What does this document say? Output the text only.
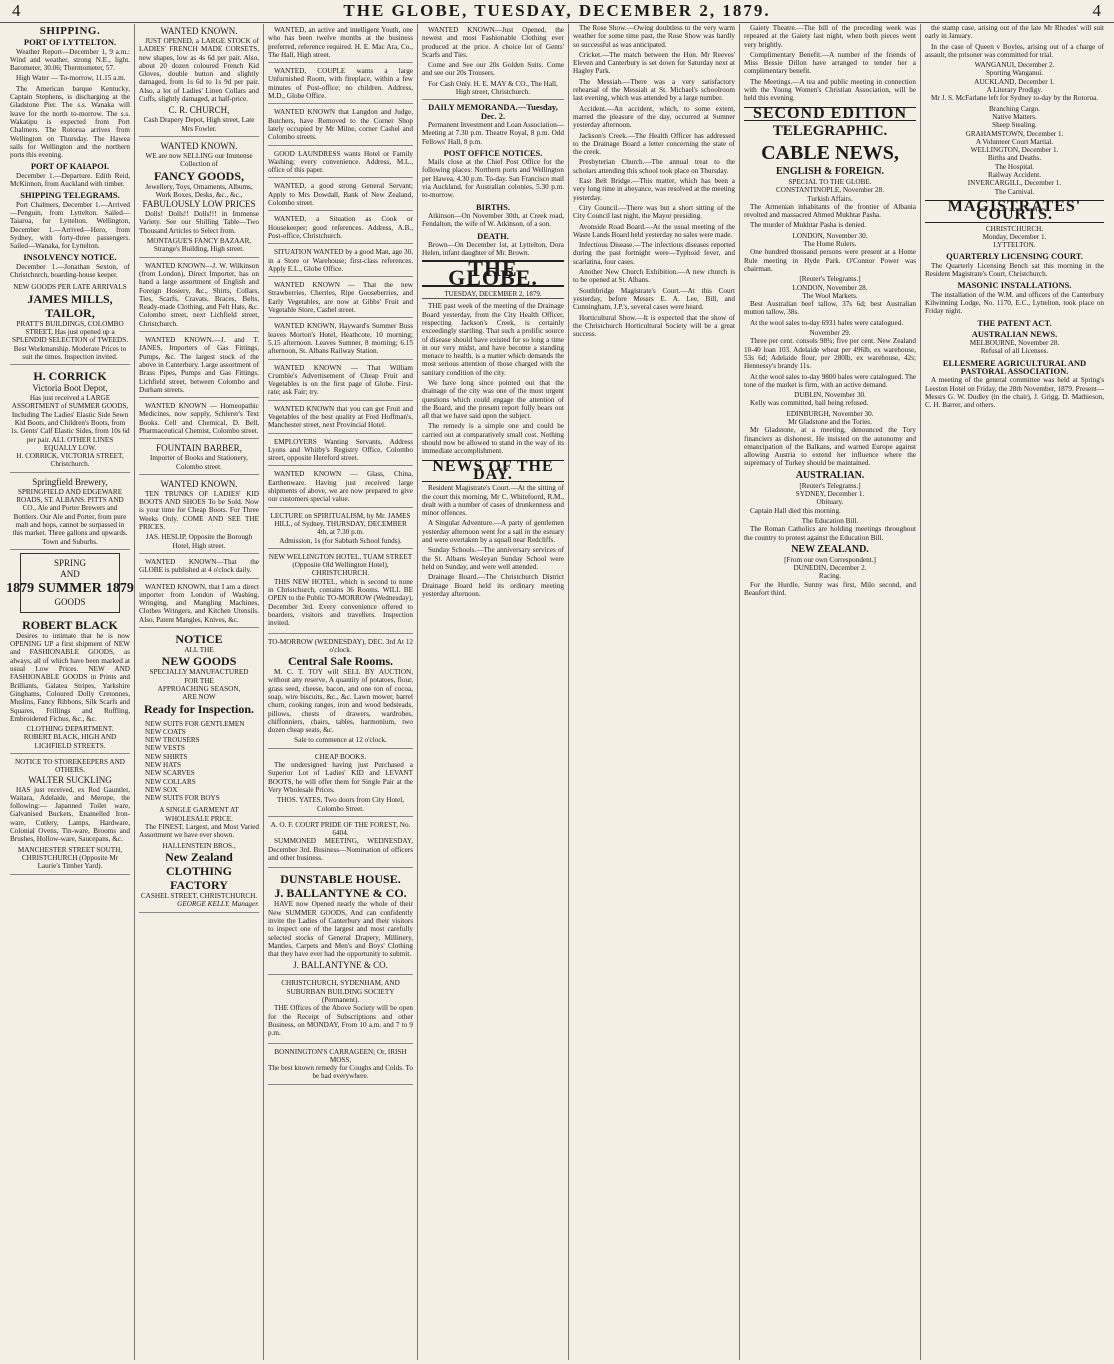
4	THE GLOBE, TUESDAY, DECEMBER 2, 1879.	4
SHIPPING.
PORT OF LYTTELTON.

Weather Report—December 1, 9 a.m.: Wind and weather, strong N.E., light. Barometer, 30.06; Thermometer, 57.

High Water — To-morrow, 11.15 a.m.

The American barque Kentucky, Captain Stephens, is discharging at the Gladstone Pier. The s.s. Wanaka will leave for the north to-morrow. The s.s. Wakatipu is expected from Port Chalmers. The Rotorua arrives from Wellington on Thursday. The Hawea sails for Wellington and the northern ports this evening.

PORT OF KAIAPOI.

December 1.—Departure. Edith Reid, McKinnon, from Auckland with timber.

SHIPPING TELEGRAMS.

Port Chalmers, December 1.—Arrived—Penguin, from Lyttelton. Sailed—Taiaroa, for Lyttelton. Wellington, December 1.—Arrived—Hero, from Sydney, with forty-three passengers. Sailed—Wanaka, for Lyttelton.

INSOLVENCY NOTICE.

December 1.—Jonathan Sexton, of Christchurch, boarding-house keeper.

NEW GOODS PER LATE ARRIVALS
JAMES MILLS,
TAILOR,
PRATT'S BUILDINGS, COLOMBO STREET, Has just opened up a SPLENDID SELECTION of TWEEDS. Best Workmanship. Moderate Prices to suit the times. Inspection invited.
H. CORRICK
Victoria Boot Depot,
Has just received a LARGE ASSORTMENT of SUMMER GOODS, Including The Ladies' Elastic Side Sewn Kid Boots, and Children's Boots, from 1s. Gents' Calf Elastic Sides, from 10s 6d per pair. ALL OTHER LINES EQUALLY LOW.
H. CORRICK, VICTORIA STREET, Christchurch.
Springfield Brewery,
SPRINGFIELD AND EDGEWARE ROADS, ST. ALBANS. PITTS AND CO., Ale and Porter Brewers and Bottlers. Our Ale and Porter, from pure malt and hops, cannot be surpassed in this market. Three gallons and upwards. Town and Suburbs.
SPRING
AND
1879 SUMMER 1879
GOODS
ROBERT BLACK

Desires to intimate that he is now OPENING UP a first shipment of NEW and FASHIONABLE GOODS, as always, all of which have been marked at usual Low Prices. NEW AND FASHIONABLE GOODS in Prints and Brilliants, Galatea Stripes, Yarkshire Ginghams, Coloured Dolly Cretonnes, Muslins, Fancy Ribbons, Silk Scarfs and Squares, Frillings and Ruffling, Embroidered Fichus, &c., &c.

CLOTHING DEPARTMENT.
ROBERT BLACK, HIGH AND LICHFIELD STREETS.
NOTICE TO STOREKEEPERS AND OTHERS.
WALTER SUCKLING

HAS just received, ex Red Gauntlet, Waitara, Adelaide, and Merope, the following:— Japanned Toilet ware, Galvanised Buckets, Enamelled Iron-ware, Cutlery, Lamps, Hardware, Colonial Ovens, Tin-ware, Brooms and Brushes, Hollow-ware, Saucepans, &c.

MANCHESTER STREET SOUTH, CHRISTCHURCH (Opposite Mr Laurie's Timber Yard).
WANTED KNOWN.

JUST OPENED, a LARGE STOCK of LADIES' FRENCH MADE CORSETS, new shapes, low as 4s 6d per pair. Also, about 20 dozen coloured French Kid Gloves, double button and slightly damaged, from 1s 6d to 1s 9d per pair. Also, a lot of Ladies' Linen Collars and Cuffs, slightly damaged, at half-price.

C. R. CHURCH,
Cash Drapery Depot, High street, Late Mrs Fowler.
WANTED KNOWN.
WE are now SELLING our Immense Collection of
FANCY GOODS,
Jewellery, Toys, Ornaments, Albums, Work Boxes, Desks, &c., &c.,
FABULOUSLY LOW PRICES

Dolls! Dolls!! Dolls!!! in Immense Variety. See our Shilling Table—Two Thousand Articles to Select from.

MONTAGUE'S FANCY BAZAAR, Strange's Building, High street.

WANTED KNOWN—J. W. Wilkinson (from London), Direct Importer, has on hand a large assortment of English and Foreign Hosiery, &c., Shirts, Collars, Ties, Scarfs, Cravats, Braces, Belts, Ready-made Clothing, and Felt Hats, &c. Colombo street, next Lichfield street, Christchurch.

WANTED KNOWN.—J. and T. JANES, Importers of Gas Fittings, Pumps, &c. The largest stock of the above in Canterbury. Large assortment of Brass Pipes, Pumps and Gas Fittings. Lichfield street, between Colombo and Durham streets.

WANTED KNOWN — Homeopathic Medicines, now supply, Schlerer's Text Books. Cell and Chemical, D. Bell, Pharmaceutical Chemist, Colombo street.

FOUNTAIN BARBER,
Importer of Books and Stationery, Colombo street.
WANTED KNOWN.

TEN TRUNKS OF LADIES' KID BOOTS AND SHOES To be Sold. Now is your time for Cheap Boots. For Three Weeks Only. COME AND SEE THE PRICES.

JAS. HESLIP, Opposite the Borough Hotel, High street.

WANTED KNOWN—That the GLOBE is published at 4 o'clock daily.

WANTED KNOWN, that I am a direct importer from London of Washing, Wringing, and Mangling Machines, Clothes Wringers, and Kitchen Utensils. Also, Patent Mangles, Knives, &c.

NOTICE
ALL THE
NEW GOODS
SPECIALLY MANUFACTURED
FOR THE
APPROACHING SEASON,
ARE NOW
Ready for Inspection.
NEW SUITS FOR GENTLEMEN
NEW COATS
NEW TROUSERS
NEW VESTS
NEW SHIRTS
NEW HATS
NEW SCARVES
NEW COLLARS
NEW SOX
NEW SUITS FOR BOYS
A SINGLE GARMENT AT WHOLESALE PRICE.

The FINEST, Largest, and Most Varied Assortment we have ever shown.

HALLENSTEIN BROS.,
New Zealand
CLOTHING FACTORY
CASHEL STREET, CHRISTCHURCH.
GEORGE KELLY, Manager.

WANTED, an active and intelligent Youth, one who has been twelve months at the business preferred, reference required. H. E. Mac Ara, Co., The Hall, High street.

WANTED, COUPLE wants a large Unfurnished Room, with fireplace, within a few minutes of Post-office; no children. Address, M.D., Globe Office.

WANTED KNOWN that Langdon and Judge, Butchers, have Removed to the Corner Shop lately occupied by Mr Milne, corner Cashel and Colombo streets.

GOOD LAUNDRESS wants Hotel or Family Washing; every convenience. Address, M.L., office of this paper.

WANTED, a good strong General Servant; Apply to Mrs Dowdall, Bank of New Zealand, Colombo street.

WANTED, a Situation as Cook or Housekeeper; good references. Address, A.B., Post-office, Christchurch.

SITUATION WANTED by a good Man, age 30, in a Store or Warehouse; first-class references. Apply E.L., Globe Office.

WANTED KNOWN — That the new Strawberries, Cherries, Ripe Gooseberries, and Early Vegetables, are now at Gibbs' Fruit and Vegetable Store, Cashel street.

WANTED KNOWN, Hayward's Summer Buss leaves Morton's Hotel, Heathcote, 10 morning; 5.15 afternoon. Leaves Sumner, 8 morning; 6.15 afternoon, St. Albans Railway Station.

WANTED KNOWN — That William Crumbie's Advertisement of Cheap Fruit and Vegetables is on the first page of Globe. First-rate; ask Fair; try.

WANTED KNOWN that you can get Fruit and Vegetables of the best quality at Fred Hoffman's, Manchester street, next Provincial Hotel.

EMPLOYERS Wanting Servants, Address Lyons and Whitby's Registry Office, Colombo street, opposite Hereford street.

WANTED KNOWN — Glass, China, Earthenware. Having just received large shipments of above, we are now prepared to give our customers special value.

LECTURE on SPIRITUALISM, by Mr. JAMES HILL, of Sydney, THURSDAY, DECEMBER 4th, at 7.30 p.m.
Admission, 1s (for Sabbath School funds).
NEW WELLINGTON HOTEL, TUAM STREET (Opposite Old Wellington Hotel), CHRISTCHURCH.

THIS NEW HOTEL, which is second to none in Christchurch, contains 36 Rooms. WILL BE OPEN to the Public TO-MORROW (Wednesday), December 3rd. Every convenience offered to boarders, visitors and travellers. Inspection invited.

TO-MORROW (WEDNESDAY), DEC. 3rd At 12 o'clock.
Central Sale Rooms.

M. C. T. TOY will SELL BY AUCTION, without any reserve, A quantity of potatoes, flour, grass seed, cheese, bacon, and one ton of cocoa, soap, wire biscuits, &c., &c. Lawn mower, barrel churn, cooking ranges, iron and wood bedsteads, pillows, chests of drawers, wardrobes, chiffonniers, chairs, tables, harmonium, two dozen cheap seats, &c.

Sale to commence at 12 o'clock.
CHEAP BOOKS.

The undersigned having just Purchased a Superior Lot of Ladies' KID and LEVANT BOOTS, he will offer them for Single Pair at the Very Wholesale Prices.

THOS. YATES, Two doors from City Hotel, Colombo Street.
A. O. F. COURT PRIDE OF THE FOREST, No. 6404.

SUMMONED MEETING, WEDNESDAY, December 3rd. Business—Nomination of officers and other business.

DUNSTABLE HOUSE.
J. BALLANTYNE & CO.

HAVE now Opened nearly the whole of their New SUMMER GOODS, And can confidently invite the Ladies of Canterbury and their visitors to inspect one of the largest and most carefully selected stocks of General Drapery, Millinery, Mantles, Carpets and Men's and Boys' Clothing that they have ever had the opportunity to submit.

J. BALLANTYNE & CO.
CHRISTCHURCH, SYDENHAM, AND SUBURBAN BUILDING SOCIETY (Permanent).

THE Offices of the Above Society will be open for the Receipt of Subscriptions and other Business, on MONDAY, From 10 a.m. and 7 to 9 p.m.

BONNINGTON'S CARRAGEEN; Or, IRISH MOSS,
The best known remedy for Coughs and Colds. To be had everywhere.

WANTED KNOWN—Just Opened, the newest and most Fashionable Clothing ever produced at the price. A choice lot of Gents' Scarfs and Ties.

Come and See our 20s Golden Suits. Come and see our 20s Trousers.

For Cash Only. H. E. MAY & CO., The Hall, High street, Christchurch.
DAILY MEMORANDA.—Tuesday, Dec. 2.

Permanent Investment and Loan Association—Meeting at 7.30 p.m. Theatre Royal, 8 p.m. Odd Fellows' Hall, 8 p.m.

POST OFFICE NOTICES.

Mails close at the Chief Post Office for the following places: Northern ports and Wellington per Hawea, 4.30 p.m. To-day. San Francisco mail via Auckland, for Australian colonies, 5.30 p.m. to-morrow.

BIRTHS.

Atkinson—On November 30th, at Creek road, Fendalton, the wife of W. Atkinson, of a son.

DEATH.

Brown—On December 1st, at Lyttelton, Dora Helen, infant daughter of Mr. Brown.

THE GLOBE.
TUESDAY, DECEMBER 2, 1879.

THE past week of the meeting of the Drainage Board yesterday, from the City Health Officer, respecting Jackson's Creek, is certainly exceedingly startling. That such a prolific source of disease should have existed for so long a time in our very midst, and have become a standing menace to health, is a matter which demands the most serious attention of those charged with the sanitary condition of the city.

We have long since pointed out that the drainage of the city was one of the most urgent questions which could engage the attention of the Board, and the present report fully bears out all that we have said upon the subject.

The remedy is a simple one and could be carried out at comparatively small cost. Nothing should now be allowed to stand in the way of its immediate accomplishment.

NEWS OF THE DAY.

Resident Magistrate's Court.—At the sitting of the court this morning, Mr C. Whitefoord, R.M., dealt with a number of cases of drunkenness and minor offences.

A Singular Adventure.—A party of gentlemen yesterday afternoon went for a sail in the estuary and were overtaken by a squall near Redcliffs.

Sunday Schools.—The anniversary services of the St. Albans Wesleyan Sunday School were held on Sunday, and were well attended.

Drainage Board.—The Christchurch District Drainage Board held its ordinary meeting yesterday afternoon.

The Rose Show.—Owing doubtless to the very warm weather for some time past, the Rose Show was hardly so successful as was anticipated.

Cricket.—The match between the Hon. Mr Reeves' Eleven and Canterbury is set down for Saturday next at Hagley Park.

The Messiah.—There was a very satisfactory rehearsal of the Messiah at St. Michael's schoolroom last evening, which was attended by a large number.

Accident.—An accident, which, to some extent, marred the pleasure of the day, occurred at Sumner yesterday afternoon.

Jackson's Creek.—The Health Officer has addressed to the Drainage Board a letter concerning the state of the creek.

Presbyterian Church.—The annual treat to the scholars attending this school took place on Thursday.

East Belt Bridge.—This matter, which has been a very long time in abeyance, was resolved at the meeting yesterday.

City Council.—There was but a short sitting of the City Council last night, the Mayor presiding.

Avonside Road Board.—At the usual meeting of the Waste Lands Board held yesterday no sales were made.

Infectious Disease.—The infectious diseases reported during the past fortnight were—Typhoid fever, and scarlatina, four cases.

Another New Church Exhibition.—A new church is to be opened at St. Albans.

Southbridge Magistrate's Court.—At this Court yesterday, before Messrs E. A. Lee, Bill, and Cunningham, J.P.'s, several cases were heard.

Horticultural Show.—It is expected that the show of the Christchurch Horticultural Society will be a great success.

Gaiety Theatre.—The bill of the preceding week was repeated at the Gaiety last night, when both pieces went very brightly.

Complimentary Benefit.—A number of the friends of Miss Bessie Dillon have arranged to tender her a complimentary benefit.

The Meetings.—A tea and public meeting in connection with the Young Women's Christian Association, will be held this evening.

SECOND EDITION
TELEGRAPHIC.
CABLE NEWS,
ENGLISH & FOREIGN.
SPECIAL TO THE GLOBE.
CONSTANTINOPLE, November 28.
Turkish Affairs.

The Armenian inhabitants of the frontier of Albania revolted and massacred Ahmed Mukhtar Pasha.

The murder of Mukhtar Pasha is denied.

LONDON, November 30.
The Home Rulers.

One hundred thousand persons were present at a Home Rule meeting in Hyde Park. O'Connor Power was chairman.

[Reuter's Telegrams.]
LONDON, November 28.
The Wool Markets.

Best Australian beef tallow, 37s 6d; best Australian mutton tallow, 38s.

At the wool sales to-day 6931 bales were catalogued.

November 29.

Three per cent. consols 98¾; five per cent. New Zealand 10-40 loan 103. Adelaide wheat per 496lb, ex warehouse, 53s 6d; Adelaide flour, per 280lb, ex warehouse, 42s; Hennessy's brandy 11s.

At the wool sales to-day 9800 bales were catalogued. The tone of the market is firm, with an active demand.

DUBLIN, November 30.

Kelly was committed, bail being refused.

EDINBURGH, November 30.
Mr Gladstone and the Tories.

Mr Gladstone, at a meeting, denounced the Tory financiers as dishonest. He insisted on the autonomy and emancipation of the Balkans, and warned Europe against allowing Austria to extend her influence where the supremacy of Turkey should be maintained.

AUSTRALIAN.
[Reuter's Telegrams.]
SYDNEY, December 1.
Obituary.

Captain Hall died this morning.

The Education Bill.

The Roman Catholics are holding meetings throughout the country to protest against the Education Bill.

NEW ZEALAND.
[From our own Correspondent.]
DUNEDIN, December 2.
Racing.

For the Hurdle, Sunny was first, Milo second, and Beaufort third.

the stamp case, arising out of the late Mr Rhodes' will suit early in January.

In the case of Queen v Boyles, arising out of a charge of assault, the prisoner was committed for trial.

WANGANUI, December 2.
Sporting Wanganui.
AUCKLAND, December 1.
A Literary Prodigy.

Mr J. S. McFarlane left for Sydney to-day by the Rotorua.

Branching Cargo.
Native Matters.
Sheep Stealing.
GRAHAMSTOWN, December 1.
A Volunteer Court Martial.
WELLINGTON, December 1.
Births and Deaths.
The Hospital.
Railway Accident.
INVERCARGILL, December 1.
The Carnival.
MAGISTRATES' COURTS.
CHRISTCHURCH.
Monday, December 1.
LYTTELTON.
QUARTERLY LICENSING COURT.

The Quarterly Licensing Bench sat this morning in the Resident Magistrate's Court, Christchurch.

MASONIC INSTALLATIONS.

The installation of the W.M. and officers of the Canterbury Kilwinning Lodge, No. 1170, E.C., Lyttelton, took place on Friday night.

THE PATENT ACT.
AUSTRALIAN NEWS.
MELBOURNE, November 28.
Refusal of all Licenses.
ELLESMERE AGRICULTURAL AND PASTORAL ASSOCIATION.

A meeting of the general committee was held at Spring's Leeston Hotel on Friday, the 28th November, 1879. Present—Messrs G. W. Dudley (in the chair), J. Grigg, D. Mathieson, C. H. Barrer, and others.
